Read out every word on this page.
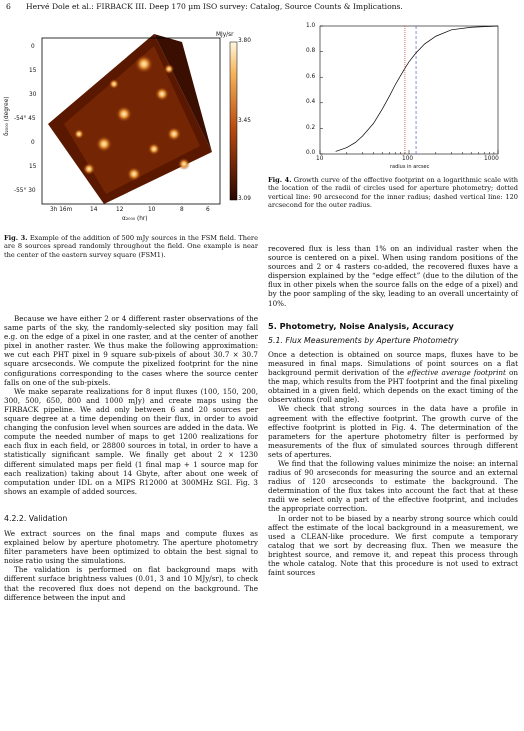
6 Hervé Dole et al.: FIRBACK III. Deep 170 µm ISO survey: Catalog, Source Counts & Implications.
MJy/sr
3.80
3.45
3.09
δ₂₀₀₀ (degree)
0
15
30
-54° 45
0
15
-55° 30
3h 16m	14	12	10	8	6
α₂₀₀₀ (hr)
Fig. 3. Example of the addition of 500 mJy sources in the FSM field. There are 8 sources spread randomly throughout the field. One example is near the center of the eastern survey square (FSM1).
1.0
0.8
0.6
0.4
0.2
0.0
10	100	1000
radius in arcsec
Fig. 4. Growth curve of the effective footprint on a logarithmic scale with the location of the radii of circles used for aperture photometry; dotted vertical line: 90 arcsecond for the inner radius; dashed vertical line: 120 arcsecond for the outer radius.

Because we have either 2 or 4 different raster observations of the same parts of the sky, the randomly-selected sky position may fall e.g. on the edge of a pixel in one raster, and at the center of another pixel in another raster. We thus make the following approximation: we cut each PHT pixel in 9 square sub-pixels of about 30.7 × 30.7 square arcseconds. We compute the pixelized footprint for the nine configurations corresponding to the cases where the source center falls on one of the sub-pixels.

We make separate realizations for 8 input fluxes (100, 150, 200, 300, 500, 650, 800 and 1000 mJy) and create maps using the FIRBACK pipeline. We add only between 6 and 20 sources per square degree at a time depending on their flux, in order to avoid changing the confusion level when sources are added in the data. We compute the needed number of maps to get 1200 realizations for each flux in each field, or 28800 sources in total, in order to have a statistically significant sample. We finally get about 2 × 1230 different simulated maps per field (1 final map + 1 source map for each realization) taking about 14 Gbyte, after about one week of computation under IDL on a MIPS R12000 at 300MHz SGI. Fig. 3 shows an example of added sources.

4.2.2. Validation

We extract sources on the final maps and compute fluxes as explained below by aperture photometry. The aperture photometry filter parameters have been optimized to obtain the best signal to noise ratio using the simulations.

The validation is performed on flat background maps with different surface brightness values (0.01, 3 and 10 MJy/sr), to check that the recovered flux does not depend on the background. The difference between the input and

recovered flux is less than 1% on an individual raster when the source is centered on a pixel. When using random positions of the sources and 2 or 4 rasters co-added, the recovered fluxes have a dispersion explained by the “edge effect” (due to the dilution of the flux in other pixels when the source falls on the edge of a pixel) and by the poor sampling of the sky, leading to an overall uncertainty of 10%.

5. Photometry, Noise Analysis, Accuracy
5.1. Flux Measurements by Aperture Photometry

Once a detection is obtained on source maps, fluxes have to be measured in final maps. Simulations of point sources on a flat background permit derivation of the effective average footprint on the map, which results from the PHT footprint and the final pixeling obtained in a given field, which depends on the exact timing of the observations (roll angle).

We check that strong sources in the data have a profile in agreement with the effective footprint. The growth curve of the effective footprint is plotted in Fig. 4. The determination of the parameters for the aperture photometry filter is performed by measurements of the flux of simulated sources through different sets of apertures.

We find that the following values minimize the noise: an internal radius of 90 arcseconds for measuring the source and an external radius of 120 arcseconds to estimate the background. The determination of the flux takes into account the fact that at these radii we select only a part of the effective footprint, and includes the appropriate correction.

In order not to be biased by a nearby strong source which could affect the estimate of the local background in a measurement, we used a CLEAN-like procedure. We first compute a temporary catalog that we sort by decreasing flux. Then we measure the brightest source, and remove it, and repeat this process through the whole catalog. Note that this procedure is not used to extract faint sources
